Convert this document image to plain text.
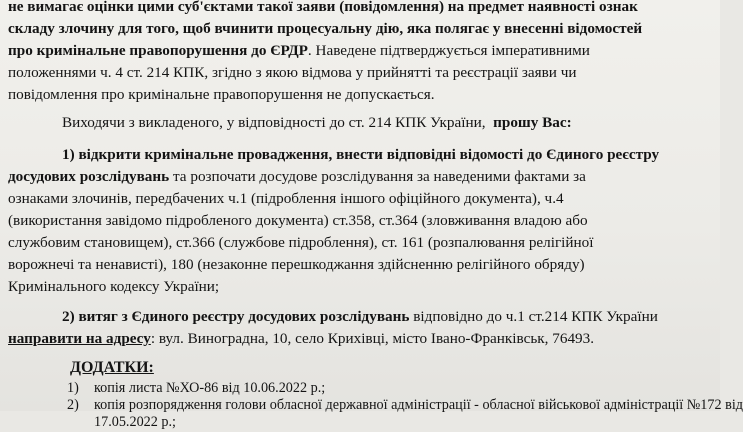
не вимагає оцінки цими суб'єктами такої заяви (повідомлення) на предмет наявності ознак
складу злочину для того, щоб вчинити процесуальну дію, яка полягає у внесенні відомостей
про кримінальне правопорушення до ЄРДР. Наведене підтверджується імперативними
положеннями ч. 4 ст. 214 КПК, згідно з якою відмова у прийнятті та реєстрації заяви чи
повідомлення про кримінальне правопорушення не допускається.
Виходячи з викладеного, у відповідності до ст. 214 КПК України, прошу Вас:
1) відкрити кримінальне провадження, внести відповідні відомості до Єдиного реєстру
досудових розслідувань та розпочати досудове розслідування за наведеними фактами за
ознаками злочинів, передбачених ч.1 (підроблення іншого офіційного документа), ч.4
(використання завідомо підробленого документа) ст.358, ст.364 (зловживання владою або
службовим становищем), ст.366 (службове підроблення), ст. 161 (розпалювання релігійної
ворожнечі та ненависті), 180 (незаконне перешкоджання здійсненню релігійного обряду)
Кримінального кодексу України;
2) витяг з Єдиного реєстру досудових розслідувань відповідно до ч.1 ст.214 КПК України
направити на адресу: вул. Виноградна, 10, село Крихівці, місто Івано-Франківськ, 76493.
ДОДАТКИ:
1) копія листа №ХО-86 від 10.06.2022 р.;
2) копія розпорядження голови обласної державної адміністрації - обласної військової адміністрації №172 від
17.05.2022 р.;
